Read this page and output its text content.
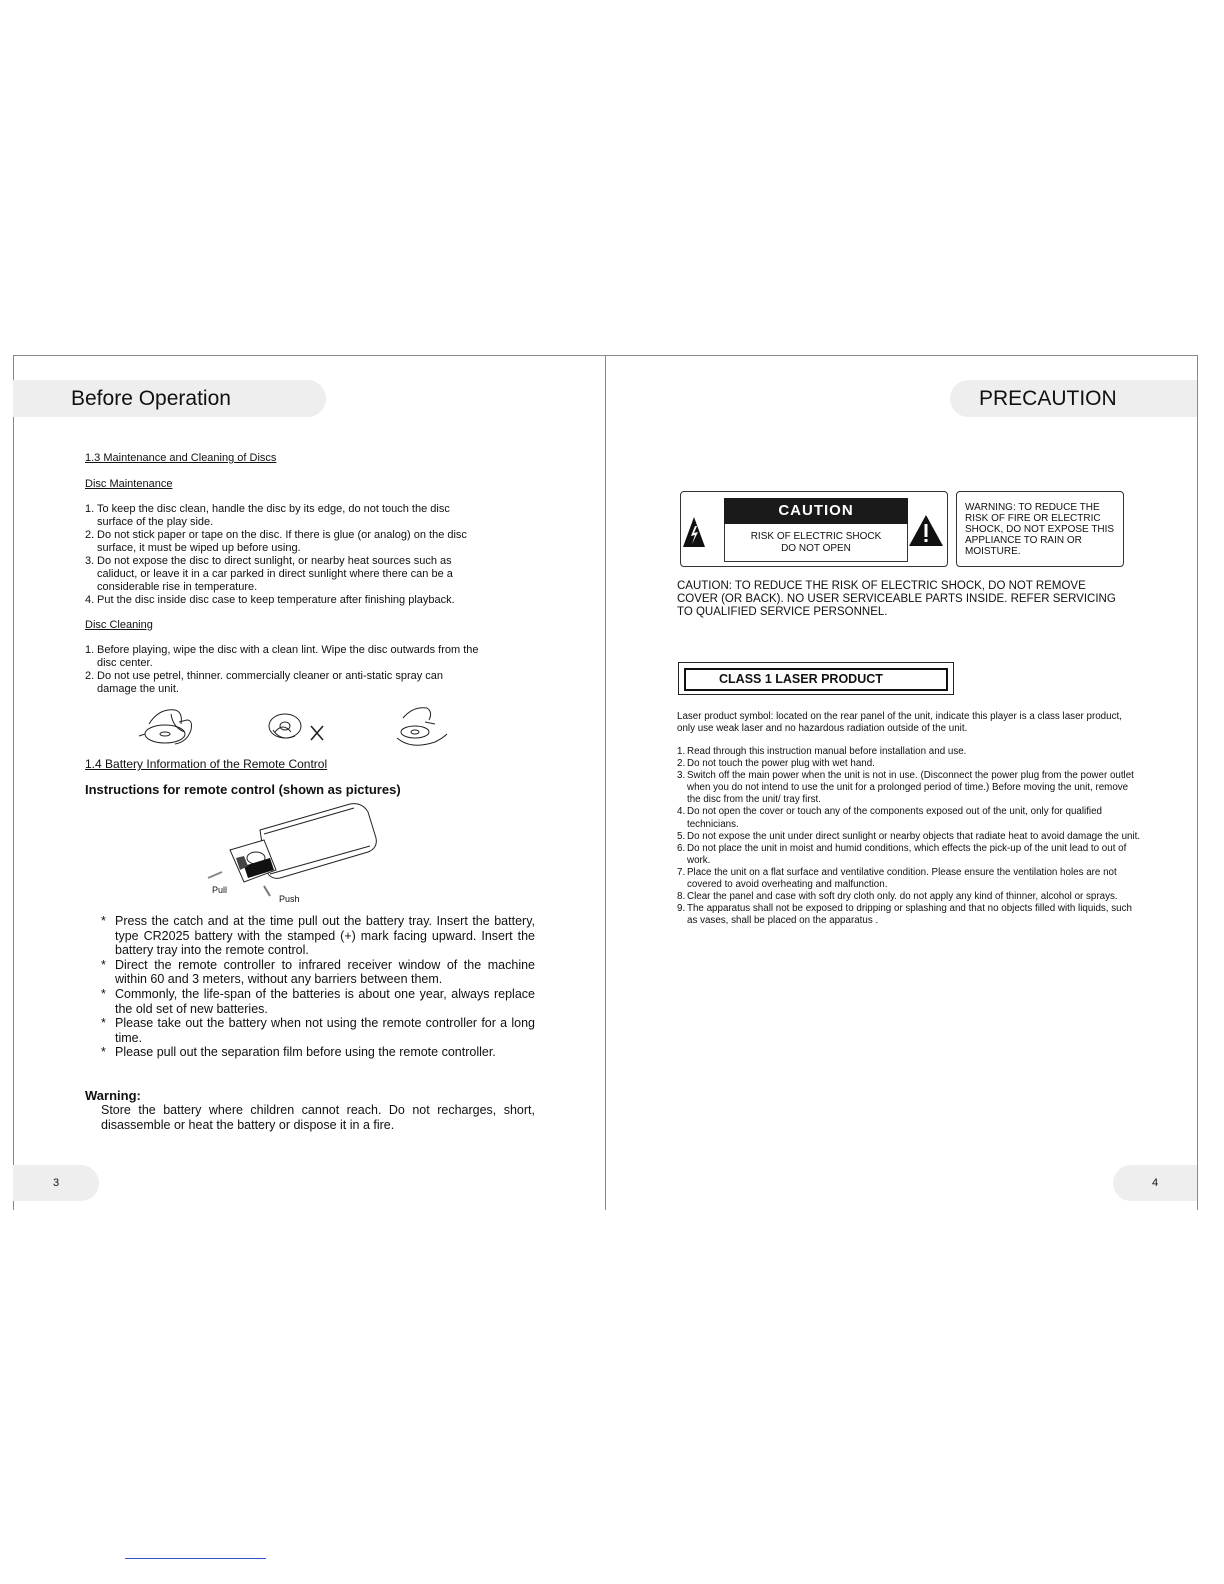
Before Operation
1.3 Maintenance and Cleaning of Discs
Disc Maintenance
1. To keep the disc clean, handle the disc by its edge, do not touch the disc surface of the play side.
2. Do not stick paper or tape on the disc. If there is glue (or analog) on the disc surface, it must be wiped up before using.
3. Do not expose the disc to direct sunlight, or nearby heat sources such as caliduct, or leave it in a car parked in direct sunlight where there can be a considerable rise in temperature.
4. Put the disc inside disc case to keep temperature after finishing playback.
Disc Cleaning
1. Before playing, wipe the disc with a clean lint. Wipe the disc outwards from the disc center.
2. Do not use petrel, thinner. commercially cleaner or anti-static spray can damage the unit.
1.4 Battery Information of the Remote Control
Instructions for remote control (shown as pictures)
Pull
Push
* Press the catch and at the time pull out the battery tray. Insert the battery, type CR2025 battery with the stamped (+) mark facing upward. Insert the battery tray into the remote control.
* Direct the remote controller to infrared receiver window of the machine within 60 and 3 meters, without any barriers between them.
* Commonly, the life-span of the batteries is about one year, always replace the old set of new batteries.
* Please take out the battery when not using the remote controller for a long time.
* Please pull out the separation film before using the remote controller.
Warning:
Store the battery where children cannot reach. Do not recharges, short, disassemble or heat the battery or dispose it in a fire.
3
PRECAUTION
CAUTION
RISK OF ELECTRIC SHOCK
DO NOT OPEN
WARNING: TO REDUCE THE RISK OF FIRE OR ELECTRIC SHOCK, DO NOT EXPOSE THIS APPLIANCE TO RAIN OR MOISTURE.
CAUTION: TO REDUCE THE RISK OF ELECTRIC SHOCK, DO NOT REMOVE COVER (OR BACK). NO USER SERVICEABLE PARTS INSIDE. REFER SERVICING TO QUALIFIED SERVICE PERSONNEL.
CLASS 1 LASER PRODUCT
Laser product symbol: located on the rear panel of the unit, indicate this player is a class laser product, only use weak laser and no hazardous radiation outside of the unit.
1. Read through this instruction manual before installation and use.
2. Do not touch the power plug with wet hand.
3. Switch off the main power when the unit is not in use. (Disconnect the power plug from the power outlet when you do not intend to use the unit for a prolonged period of time.) Before moving the unit, remove the disc from the unit/ tray first.
4. Do not open the cover or touch any of the components exposed out of the unit, only for qualified technicians.
5. Do not expose the unit under direct sunlight or nearby objects that radiate heat to avoid damage the unit.
6. Do not place the unit in moist and humid conditions, which effects the pick-up of the unit lead to out of work.
7. Place the unit on a flat surface and ventilative condition. Please ensure the ventilation holes are not covered to avoid overheating and malfunction.
8. Clear the panel and case with soft dry cloth only. do not apply any kind of thinner, alcohol or sprays.
9. The apparatus shall not be exposed to dripping or splashing and that no objects filled with liquids, such as vases, shall be placed on the apparatus .
4
